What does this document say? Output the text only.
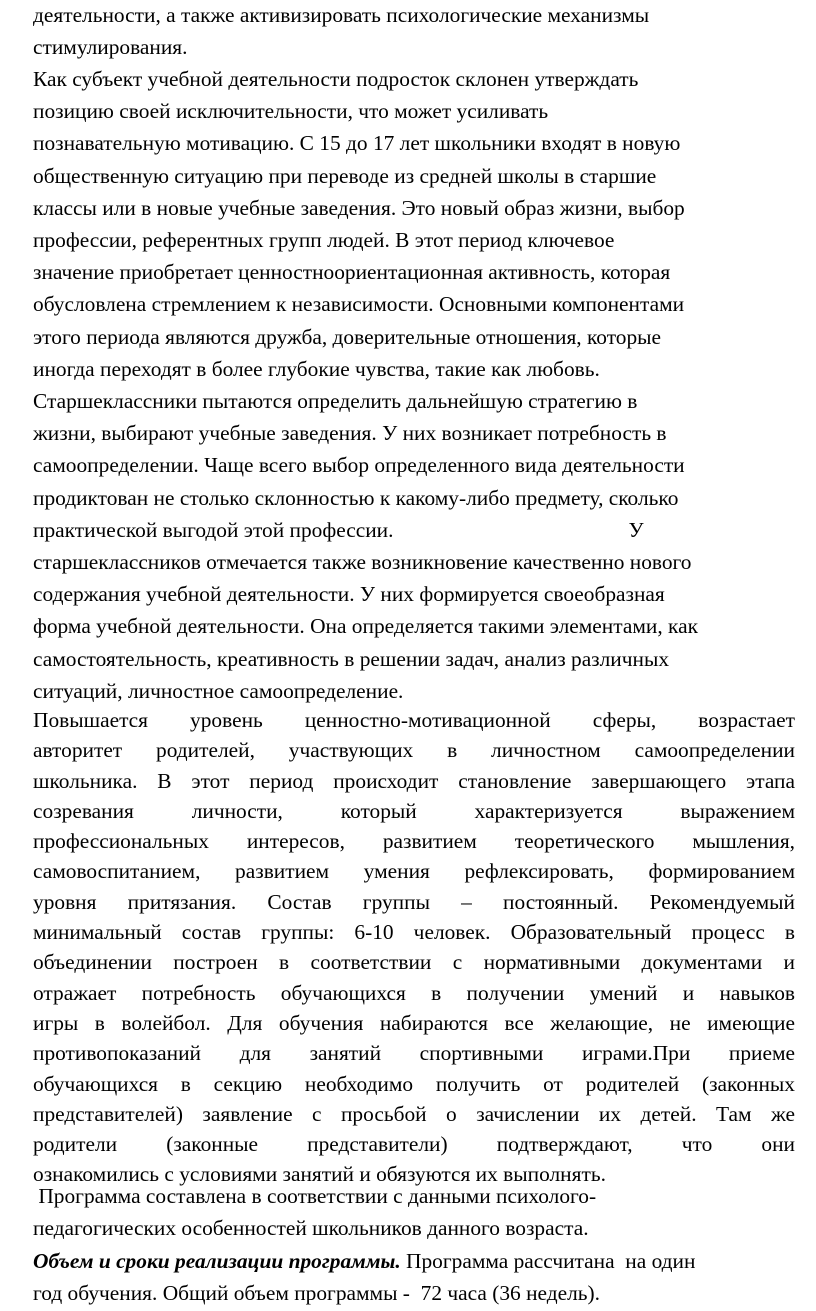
деятельности, а также активизировать психологические механизмы
стимулирования.
Как субъект учебной деятельности подросток склонен утверждать
позицию своей исключительности, что может усиливать
познавательную мотивацию. С 15 до 17 лет школьники входят в новую
общественную ситуацию при переводе из средней школы в старшие
классы или в новые учебные заведения. Это новый образ жизни, выбор
профессии, референтных групп людей. В этот период ключевое
значение приобретает ценностноориентационная активность, которая
обусловлена стремлением к независимости. Основными компонентами
этого периода являются дружба, доверительные отношения, которые
иногда переходят в более глубокие чувства, такие как любовь.
Старшеклассники пытаются определить дальнейшую стратегию в
жизни, выбирают учебные заведения. У них возникает потребность в
самоопределении. Чаще всего выбор определенного вида деятельности
продиктован не столько склонностью к какому-либо предмету, сколько
практической выгодой этой профессии.	У
старшеклассников отмечается также возникновение качественно нового
содержания учебной деятельности. У них формируется своеобразная
форма учебной деятельности. Она определяется такими элементами, как
самостоятельность, креативность в решении задач, анализ различных
ситуаций, личностное самоопределение.
Повышается уровень ценностно-мотивационной сферы, возрастает
авторитет родителей, участвующих в личностном самоопределении
школьника. В этот период происходит становление завершающего этапа
созревания личности, который характеризуется выражением
профессиональных интересов, развитием теоретического мышления,
самовоспитанием, развитием умения рефлексировать, формированием
уровня притязания. Состав группы – постоянный. Рекомендуемый
минимальный состав группы: 6-10 человек. Образовательный процесс в
объединении построен в соответствии с нормативными документами и
отражает потребность обучающихся в получении умений и навыков
игры в волейбол. Для обучения набираются все желающие, не имеющие
противопоказаний для занятий спортивными играми.При приеме
обучающихся в секцию необходимо получить от родителей (законных
представителей) заявление с просьбой о зачислении их детей. Там же
родители (законные представители) подтверждают, что они
ознакомились с условиями занятий и обязуются их выполнять.
Программа составлена в соответствии с данными психолого-
педагогических особенностей школьников данного возраста.
Объем и сроки реализации программы. Программа рассчитана  на один
год обучения. Общий объем программы -  72 часа (36 недель).
